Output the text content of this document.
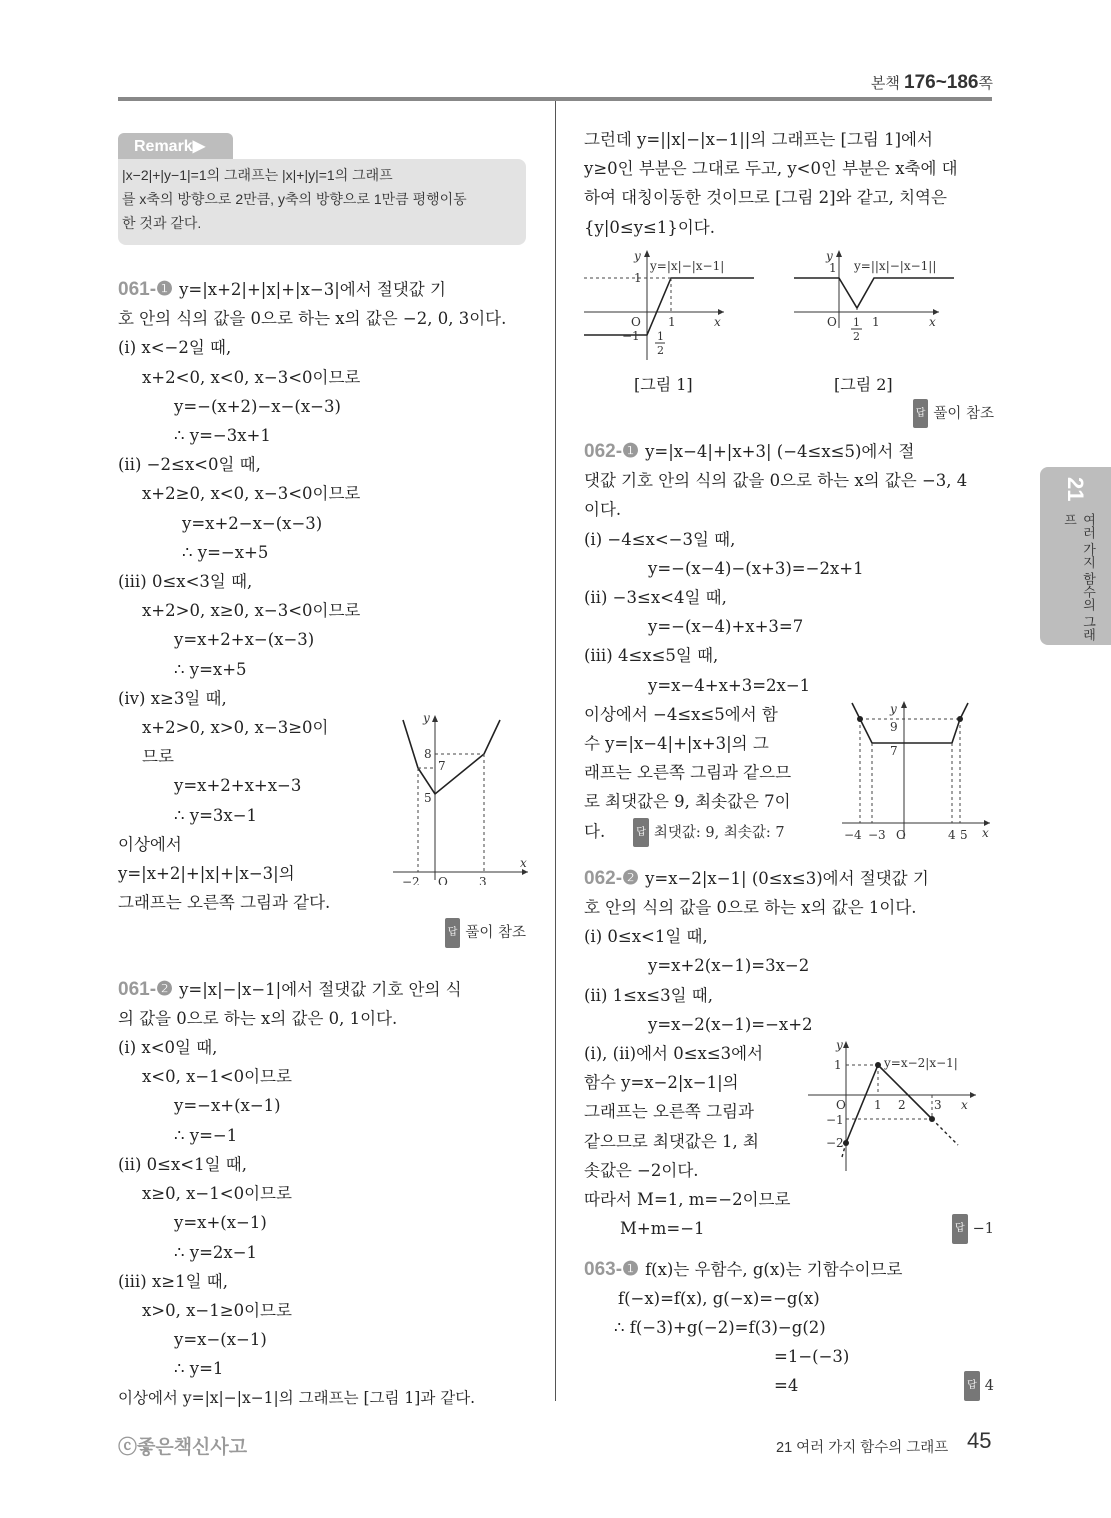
본책 176~186쪽
Remark▶
|x−2|+|y−1|=1의 그래프는 |x|+|y|=1의 그래프
를 x축의 방향으로 2만큼, y축의 방향으로 1만큼 평행이동
한 것과 같다.
061-❶ y=|x+2|+|x|+|x−3|에서 절댓값 기
호 안의 식의 값을 0으로 하는 x의 값은 −2, 0, 3이다.
(ⅰ) x<−2일 때,
x+2<0, x<0, x−3<0이므로
y=−(x+2)−x−(x−3)
∴ y=−3x+1
(ⅱ) −2≤x<0일 때,
x+2≥0, x<0, x−3<0이므로
y=x+2−x−(x−3)
∴ y=−x+5
(ⅲ) 0≤x<3일 때,
x+2>0, x≥0, x−3<0이므로
y=x+2+x−(x−3)
∴ y=x+5
(ⅳ) x≥3일 때,
x+2>0, x>0, x−3≥0이
므로
y=x+2+x+x−3
∴ y=3x−1
이상에서
y=|x+2|+|x|+|x−3|의
그래프는 오른쪽 그림과 같다.
답 풀이 참조
y
x
O
−2	3
8
7
5
061-❷ y=|x|−|x−1|에서 절댓값 기호 안의 식
의 값을 0으로 하는 x의 값은 0, 1이다.
(ⅰ) x<0일 때,
x<0, x−1<0이므로
y=−x+(x−1)
∴ y=−1
(ⅱ) 0≤x<1일 때,
x≥0, x−1<0이므로
y=x+(x−1)
∴ y=2x−1
(ⅲ) x≥1일 때,
x>0, x−1≥0이므로
y=x−(x−1)
∴ y=1
이상에서 y=|x|−|x−1|의 그래프는 [그림 1]과 같다.
그런데 y=||x|−|x−1||의 그래프는 [그림 1]에서
y≥0인 부분은 그대로 두고, y<0인 부분은 x축에 대
하여 대칭이동한 것이므로 [그림 2]와 같고, 치역은
{y|0≤y≤1}이다.
y
y=|x|−|x−1|
x
O
1
−1
1
1
2
[그림 1]
y
y=||x|−|x−1||
x
O
1
1
2
1
[그림 2]
답 풀이 참조
062-❶ y=|x−4|+|x+3| (−4≤x≤5)에서 절
댓값 기호 안의 식의 값을 0으로 하는 x의 값은 −3, 4
이다.
(ⅰ) −4≤x<−3일 때,
y=−(x−4)−(x+3)=−2x+1
(ⅱ) −3≤x<4일 때,
y=−(x−4)+x+3=7
(ⅲ) 4≤x≤5일 때,
y=x−4+x+3=2x−1
이상에서 −4≤x≤5에서 함
수 y=|x−4|+|x+3|의 그
래프는 오른쪽 그림과 같으므
로 최댓값은 9, 최솟값은 7이
다.	답 최댓값: 9, 최솟값: 7
y
x
O
−4 −3	4 5
9
7
062-❷ y=x−2|x−1| (0≤x≤3)에서 절댓값 기
호 안의 식의 값을 0으로 하는 x의 값은 1이다.
(ⅰ) 0≤x<1일 때,
y=x+2(x−1)=3x−2
(ⅱ) 1≤x≤3일 때,
y=x−2(x−1)=−x+2
(ⅰ), (ⅱ)에서 0≤x≤3에서
함수 y=x−2|x−1|의
그래프는 오른쪽 그림과
같으므로 최댓값은 1, 최
솟값은 −2이다.
따라서 M=1, m=−2이므로
M+m=−1	답 −1
y
y=x−2|x−1|
x
O 1 2 3
1
−1
−2
063-❶ f(x)는 우함수, g(x)는 기함수이므로
f(−x)=f(x), g(−x)=−g(x)
∴ f(−3)+g(−2)=f(3)−g(2)
=1−(−3)
=4	답 4
21
여러 가지 함수의 그래프
ⓒ좋은책신사고	21 여러 가지 함수의 그래프 45
